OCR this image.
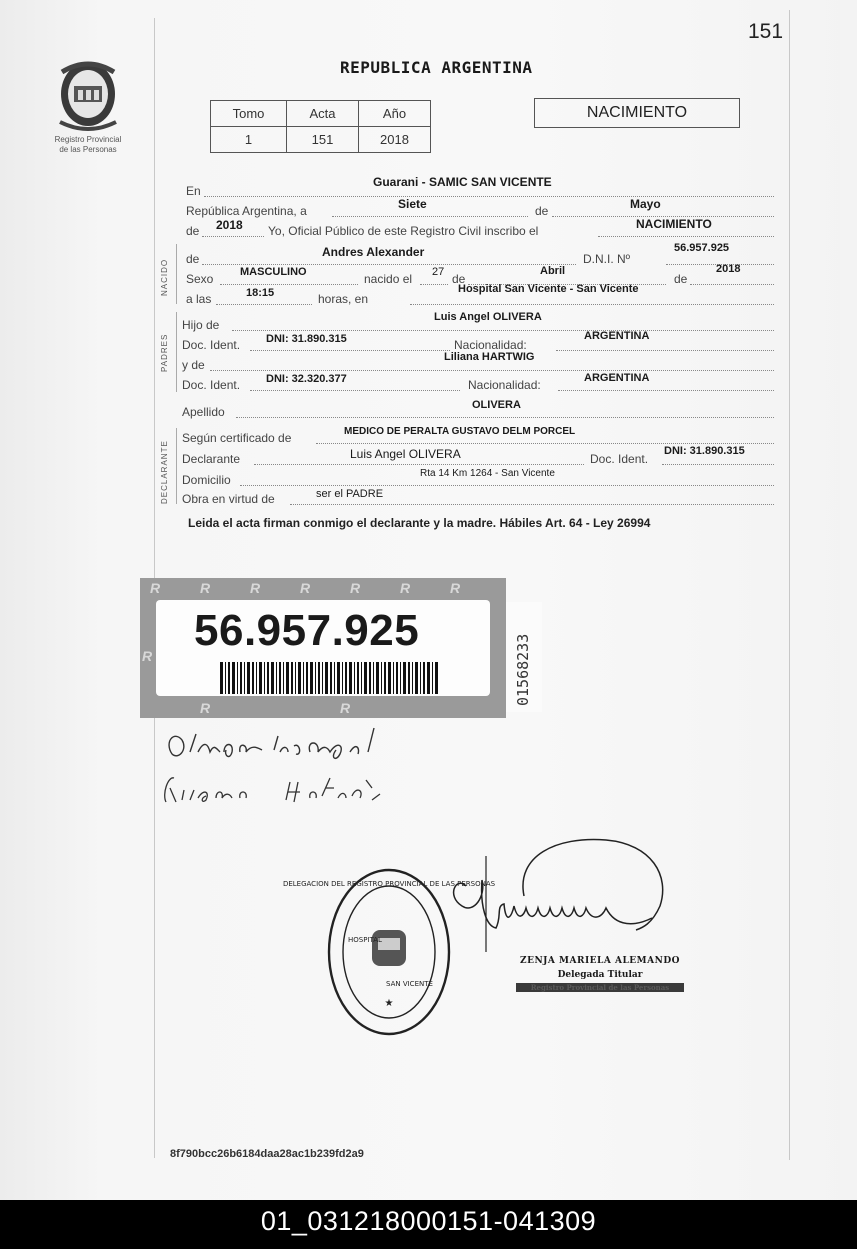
151
REPUBLICA ARGENTINA
Registro Provincial
de las Personas
Tomo	Acta	Año
1	151	2018
NACIMIENTO
En
Guarani - SAMIC SAN VICENTE
República Argentina, a	Siete	de	Mayo
de 2018 Yo, Oficial Público de este Registro Civil inscribo el	NACIMIENTO
NACIDO de	Andres Alexander	D.N.I. Nº
56.957.925
Sexo MASCULINO	nacido el 27 de
Abril
de
2018
a las	18:15	horas, en
Hospital San Vicente - San Vicente
PADRES
Hijo de
Luis Angel OLIVERA
Doc. Ident. DNI: 31.890.315	Nacionalidad:
ARGENTINA
y de
Liliana HARTWIG
Doc. Ident. DNI: 32.320.377	Nacionalidad:	ARGENTINA
Apellido	OLIVERA
DECLARANTE
Según certificado de	MEDICO DE PERALTA GUSTAVO DELM PORCEL
Declarante	Luis Angel OLIVERA	Doc. Ident.
DNI: 31.890.315
Domicilio	Rta 14 Km 1264 - San Vicente
Obra en virtud de	ser el PADRE
Leida el acta firman conmigo el declarante y la madre. Hábiles Art. 64 - Ley 26994
R	R	R	R	R	R	R
R
R	R
56.957.925
01568233
★
DELEGACION DEL REGISTRO PROVINCIAL DE LAS PERSONAS
HOSPITAL
SAN VICENTE
ZENJA MARIELA ALEMANDO
Delegada Titular
Registro Provincial de las Personas
8f790bcc26b6184daa28ac1b239fd2a9
01_031218000151-041309
